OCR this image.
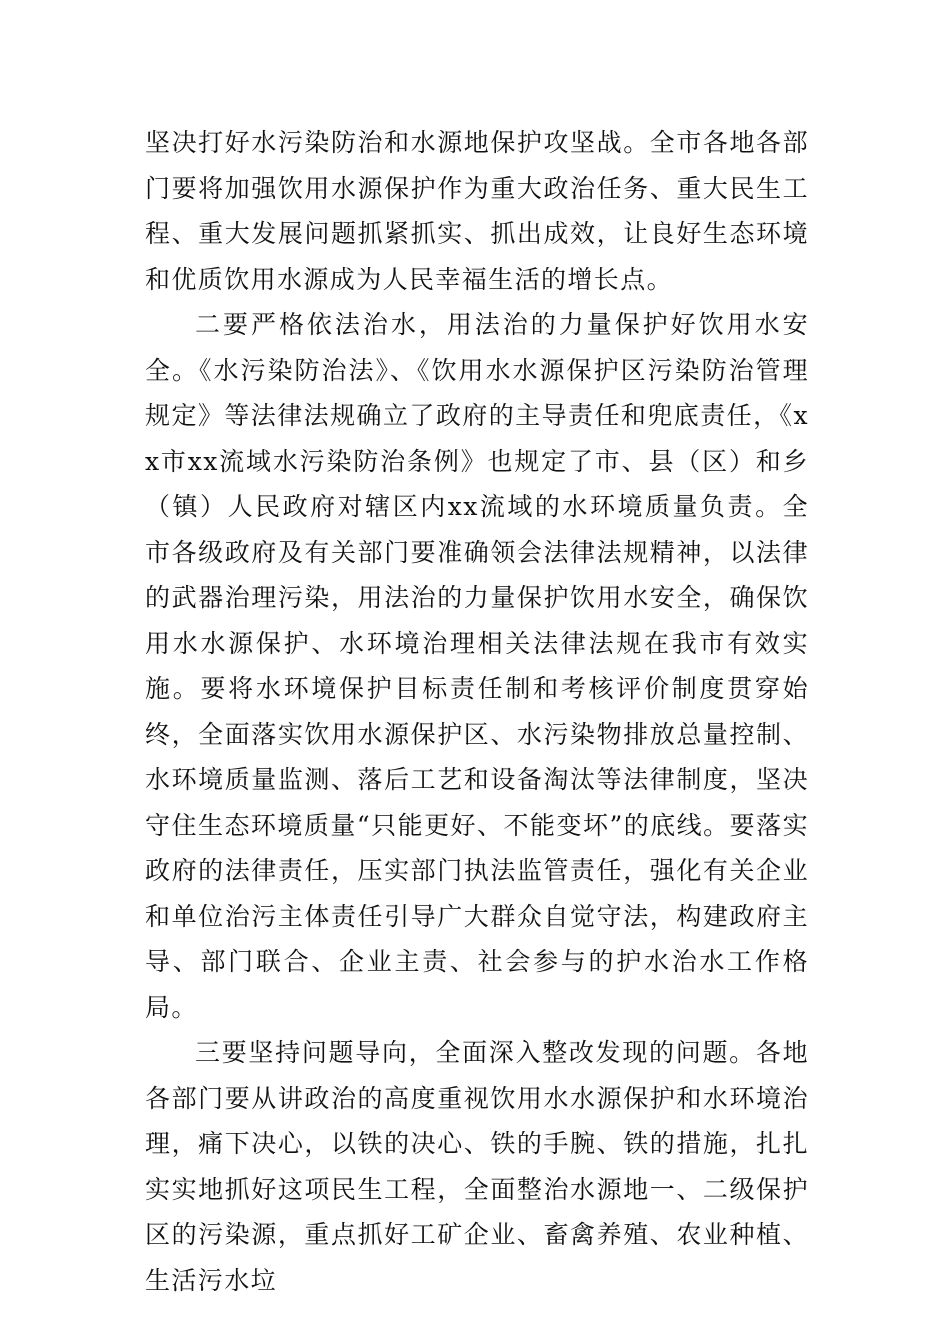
坚决打好水污染防治和水源地保护攻坚战。全市各地各部门要将加强饮用水源保护作为重大政治任务、重大民生工程、重大发展问题抓紧抓实、抓出成效，让良好生态环境和优质饮用水源成为人民幸福生活的增长点。

二要严格依法治水，用法治的力量保护好饮用水安全。《水污染防治法》、《饮用水水源保护区污染防治管理规定》等法律法规确立了政府的主导责任和兜底责任，《xx市xx流域水污染防治条例》也规定了市、县（区）和乡（镇）人民政府对辖区内xx流域的水环境质量负责。全市各级政府及有关部门要准确领会法律法规精神，以法律的武器治理污染，用法治的力量保护饮用水安全，确保饮用水水源保护、水环境治理相关法律法规在我市有效实施。要将水环境保护目标责任制和考核评价制度贯穿始终，全面落实饮用水源保护区、水污染物排放总量控制、水环境质量监测、落后工艺和设备淘汰等法律制度，坚决守住生态环境质量“只能更好、不能变坏”的底线。要落实政府的法律责任，压实部门执法监管责任，强化有关企业和单位治污主体责任引导广大群众自觉守法，构建政府主导、部门联合、企业主责、社会参与的护水治水工作格局。

三要坚持问题导向，全面深入整改发现的问题。各地各部门要从讲政治的高度重视饮用水水源保护和水环境治理，痛下决心，以铁的决心、铁的手腕、铁的措施，扎扎实实地抓好这项民生工程，全面整治水源地一、二级保护区的污染源，重点抓好工矿企业、畜禽养殖、农业种植、生活污水垃
